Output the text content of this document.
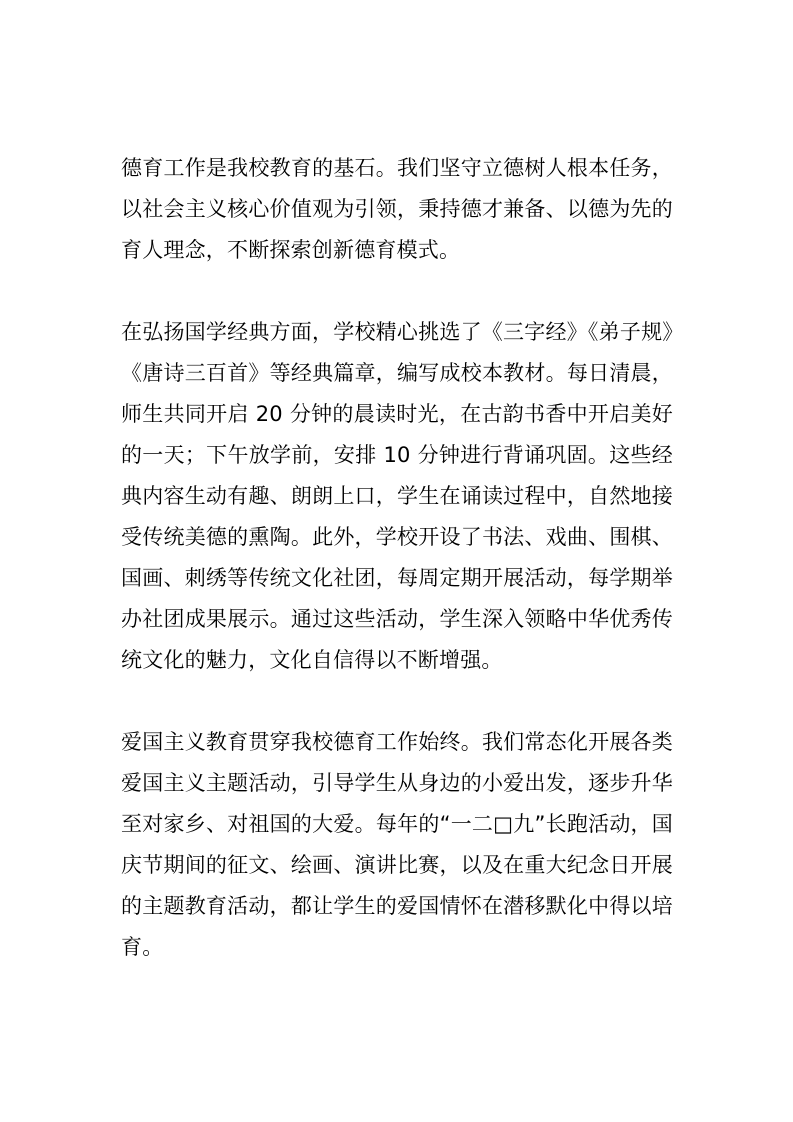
德育工作是我校教育的基石。我们坚守立德树人根本任务，以社会主义核心价值观为引领，秉持德才兼备、以德为先的育人理念，不断探索创新德育模式。

在弘扬国学经典方面，学校精心挑选了《三字经》《弟子规》《唐诗三百首》等经典篇章，编写成校本教材。每日清晨，师生共同开启 20 分钟的晨读时光，在古韵书香中开启美好的一天；下午放学前，安排 10 分钟进行背诵巩固。这些经典内容生动有趣、朗朗上口，学生在诵读过程中，自然地接受传统美德的熏陶。此外，学校开设了书法、戏曲、围棋、国画、刺绣等传统文化社团，每周定期开展活动，每学期举办社团成果展示。通过这些活动，学生深入领略中华优秀传统文化的魅力，文化自信得以不断增强。

爱国主义教育贯穿我校德育工作始终。我们常态化开展各类爱国主义主题活动，引导学生从身边的小爱出发，逐步升华至对家乡、对祖国的大爱。每年的“一二□九”长跑活动，国庆节期间的征文、绘画、演讲比赛，以及在重大纪念日开展的主题教育活动，都让学生的爱国情怀在潜移默化中得以培育。
